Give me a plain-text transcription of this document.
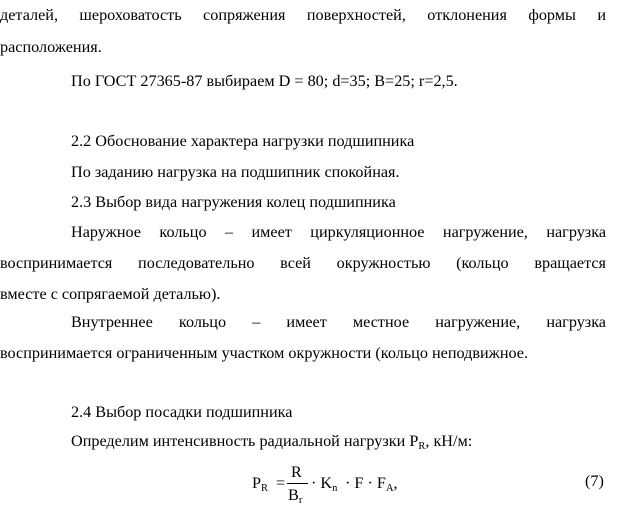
деталей, шероховатость сопряжения поверхностей, отклонения формы и
расположения.
По ГОСТ 27365-87 выбираем D = 80; d=35; B=25; r=2,5.
2.2 Обоснование характера нагрузки подшипника
По заданию нагрузка на подшипник спокойная.
2.3 Выбор вида нагружения колец подшипника
Наружное кольцо – имеет циркуляционное нагружение, нагрузка
воспринимается последовательно всей окружностью (кольцо вращается
вместе с сопрягаемой деталью).
Внутреннее кольцо – имеет местное нагружение, нагрузка
воспринимается ограниченным участком окружности (кольцо неподвижное.
2.4 Выбор посадки подшипника
Определим интенсивность радиальной нагрузки $P_R$, кН/м:
$P_R$ =
R
$B_r$
· $K_n \cdot F \cdot F_A$,	(7)
